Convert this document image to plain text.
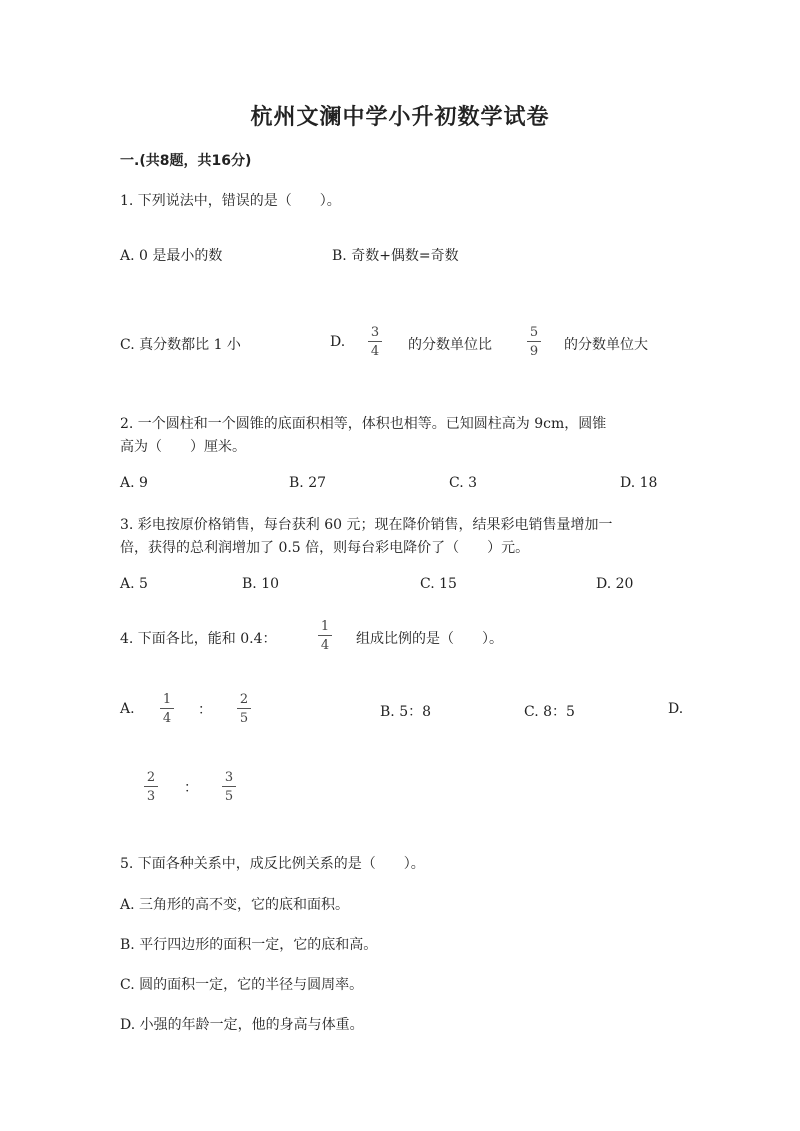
杭州文澜中学小升初数学试卷
一.(共8题，共16分)
1. 下列说法中，错误的是（　　）。
A. 0 是最小的数	B. 奇数+偶数=奇数
C. 真分数都比 1 小	D.
3
4 的分数单位比
5
9 的分数单位大
2. 一个圆柱和一个圆锥的底面积相等，体积也相等。已知圆柱高为 9cm，圆锥
高为（　　）厘米。
A. 9	B. 27	C. 3	D. 18
3. 彩电按原价格销售，每台获利 60 元；现在降价销售，结果彩电销售量增加一
倍，获得的总利润增加了 0.5 倍，则每台彩电降价了（　　）元。
A. 5	B. 10	C. 15	D. 20
4. 下面各比，能和 0.4：
1
4 组成比例的是（　　）。
A.
1
4
：
2
5	B. 5：8	C. 8：5	D.
2
3
：
3
5
5. 下面各种关系中，成反比例关系的是（　　）。
A. 三角形的高不变，它的底和面积。
B. 平行四边形的面积一定，它的底和高。
C. 圆的面积一定，它的半径与圆周率。
D. 小强的年龄一定，他的身高与体重。
